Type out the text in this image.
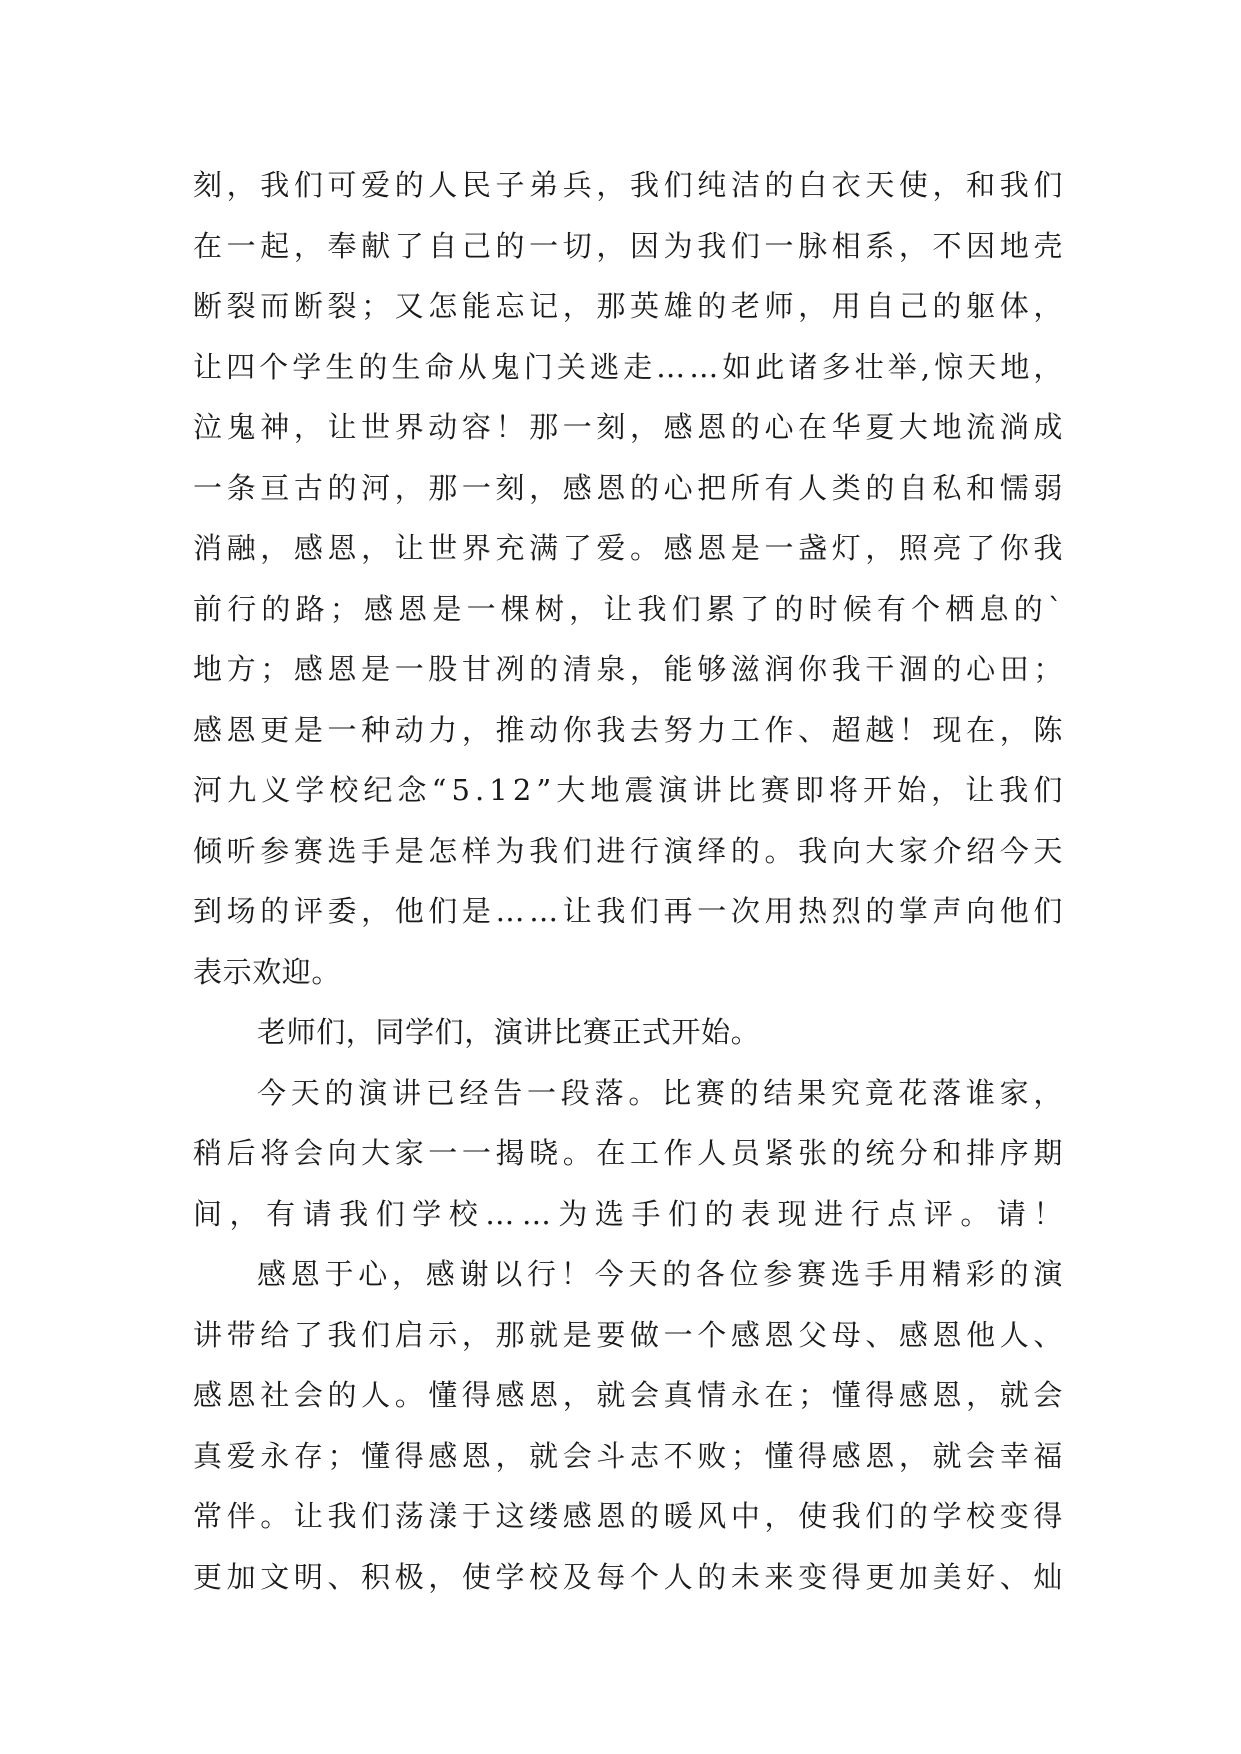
刻，我们可爱的人民子弟兵，我们纯洁的白衣天使，和我们
在一起，奉献了自己的一切，因为我们一脉相系，不因地壳
断裂而断裂；又怎能忘记，那英雄的老师，用自己的躯体，
让四个学生的生命从鬼门关逃走……如此诸多壮举,惊天地，
泣鬼神，让世界动容！那一刻，感恩的心在华夏大地流淌成
一条亘古的河，那一刻，感恩的心把所有人类的自私和懦弱
消融，感恩，让世界充满了爱。感恩是一盏灯，照亮了你我
前行的路；感恩是一棵树，让我们累了的时候有个栖息的`
地方；感恩是一股甘冽的清泉，能够滋润你我干涸的心田；
感恩更是一种动力，推动你我去努力工作、超越！现在，陈
河九义学校纪念“5.12”大地震演讲比赛即将开始，让我们
倾听参赛选手是怎样为我们进行演绎的。我向大家介绍今天
到场的评委，他们是……让我们再一次用热烈的掌声向他们
表示欢迎。
老师们，同学们，演讲比赛正式开始。
今天的演讲已经告一段落。比赛的结果究竟花落谁家，
稍后将会向大家一一揭晓。在工作人员紧张的统分和排序期
间，有请我们学校……为选手们的表现进行点评。请！
感恩于心，感谢以行！今天的各位参赛选手用精彩的演
讲带给了我们启示，那就是要做一个感恩父母、感恩他人、
感恩社会的人。懂得感恩，就会真情永在；懂得感恩，就会
真爱永存；懂得感恩，就会斗志不败；懂得感恩，就会幸福
常伴。让我们荡漾于这缕感恩的暖风中，使我们的学校变得
更加文明、积极，使学校及每个人的未来变得更加美好、灿
